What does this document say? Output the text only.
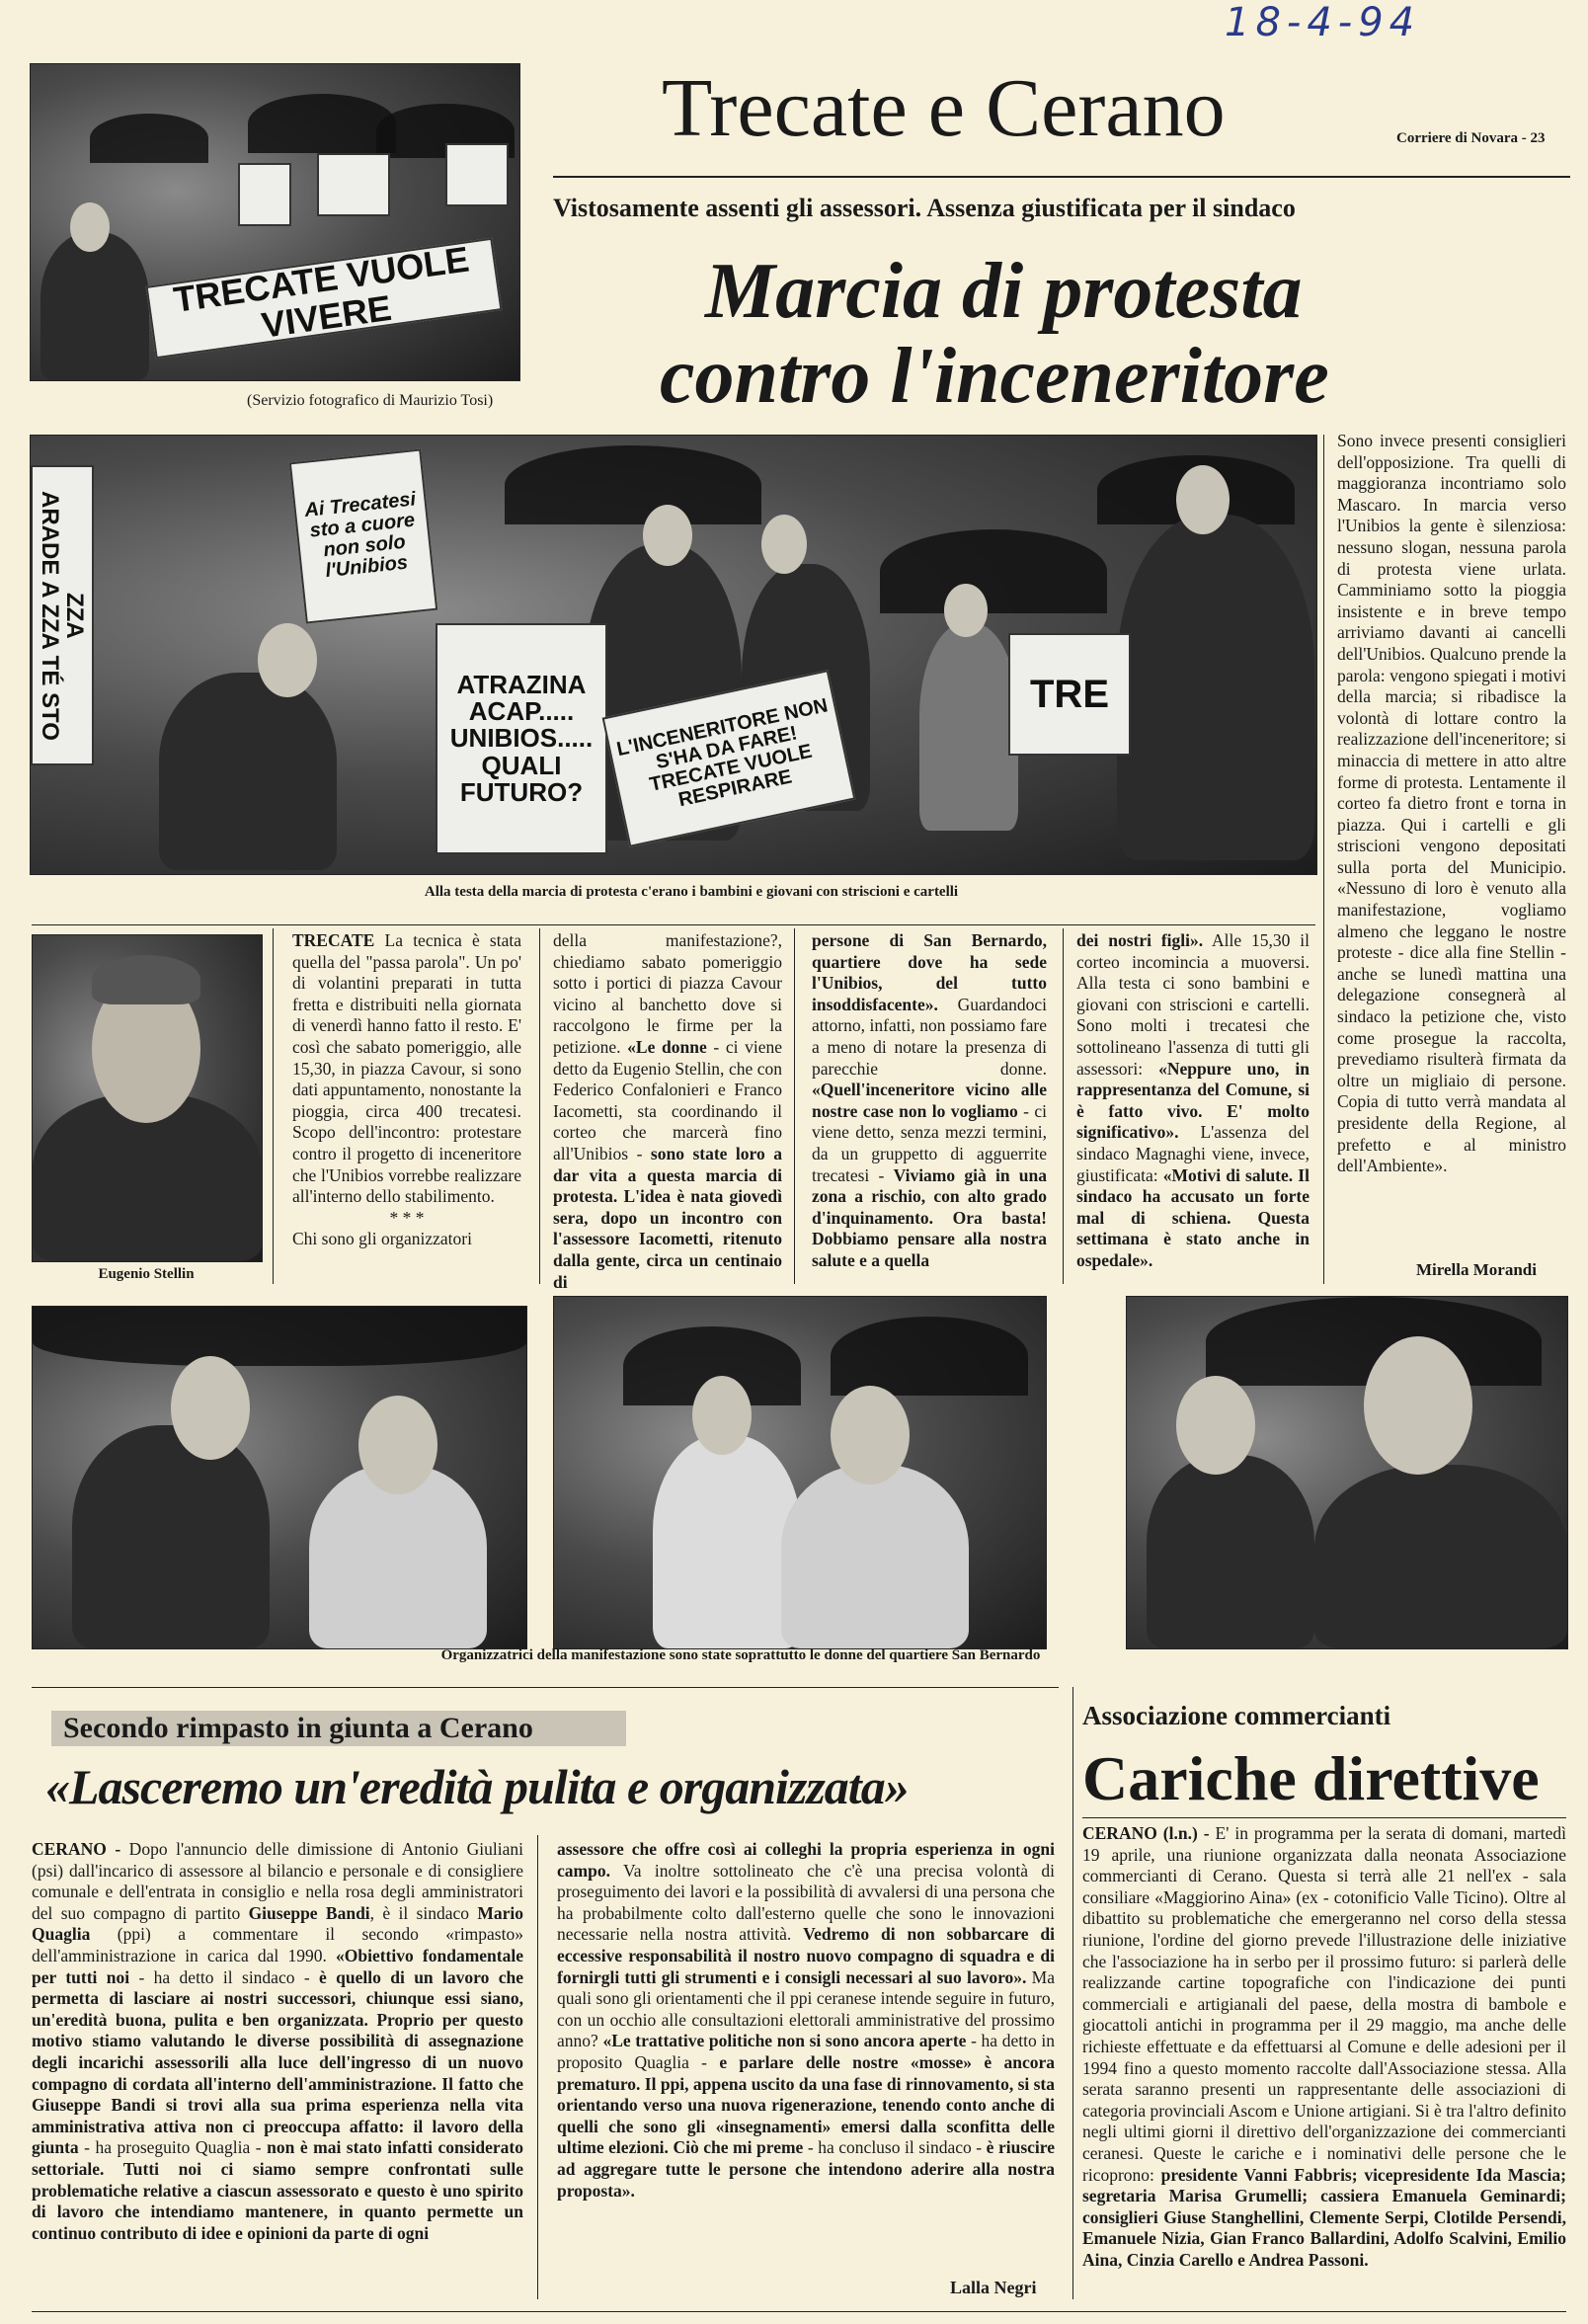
18-4-94
TRECATE VUOLE VIVERE
(Servizio fotografico di Maurizio Tosi)
Trecate e Cerano	Corriere di Novara - 23
Vistosamente assenti gli assessori. Assenza giustificata per il sindaco
Marcia di protesta
contro l'inceneritore
ARADE A ZZA TÉ STO ZZA
Ai Trecatesi sto a cuore non solo l'Unibios
ATRAZINA ACAP..... UNIBIOS..... QUALI FUTURO?
L'INCENERITORE NON S'HA DA FARE! TRECATE VUOLE RESPIRARE
TRE
Alla testa della marcia di protesta c'erano i bambini e giovani con striscioni e cartelli

Sono invece presenti consiglieri dell'opposizione. Tra quelli di maggioranza incontriamo solo Mascaro. In marcia verso l'Unibios la gente è silenziosa: nessuno slogan, nessuna parola di protesta viene urlata. Camminiamo sotto la pioggia insistente e in breve tempo arriviamo davanti ai cancelli dell'Unibios. Qualcuno prende la parola: vengono spiegati i motivi della marcia; si ribadisce la volontà di lottare contro la realizzazione dell'inceneritore; si minaccia di mettere in atto altre forme di protesta. Lentamente il corteo fa dietro front e torna in piazza. Qui i cartelli e gli striscioni vengono depositati sulla porta del Municipio. «Nessuno di loro è venuto alla manifestazione, vogliamo almeno che leggano le nostre proteste - dice alla fine Stellin - anche se lunedì mattina una delegazione consegnerà al sindaco la petizione che, visto come prosegue la raccolta, prevediamo risulterà firmata da oltre un migliaio di persone. Copia di tutto verrà mandata al presidente della Regione, al prefetto e al ministro dell'Ambiente».

Mirella Morandi
Eugenio Stellin

TRECATE La tecnica è stata quella del "passa parola". Un po' di volantini preparati in tutta fretta e distribuiti nella giornata di venerdì hanno fatto il resto. E' così che sabato pomeriggio, alle 15,30, in piazza Cavour, si sono dati appuntamento, nonostante la pioggia, circa 400 trecatesi. Scopo dell'incontro: protestare contro il progetto di inceneritore che l'Unibios vorrebbe realizzare all'interno dello stabilimento.

* * *

Chi sono gli organizzatori

della manifestazione?, chiediamo sabato pomeriggio sotto i portici di piazza Cavour vicino al banchetto dove si raccolgono le firme per la petizione. «Le donne - ci viene detto da Eugenio Stellin, che con Federico Confalonieri e Franco Iacometti, sta coordinando il corteo che marcerà fino all'Unibios - sono state loro a dar vita a questa marcia di protesta. L'idea è nata giovedì sera, dopo un incontro con l'assessore Iacometti, ritenuto dalla gente, circa un centinaio di

persone di San Bernardo, quartiere dove ha sede l'Unibios, del tutto insoddisfacente». Guardandoci attorno, infatti, non possiamo fare a meno di notare la presenza di parecchie donne. «Quell'inceneritore vicino alle nostre case non lo vogliamo - ci viene detto, senza mezzi termini, da un gruppetto di agguerrite trecatesi - Viviamo già in una zona a rischio, con alto grado d'inquinamento. Ora basta! Dobbiamo pensare alla nostra salute e a quella

dei nostri figli». Alle 15,30 il corteo incomincia a muoversi. Alla testa ci sono bambini e giovani con striscioni e cartelli. Sono molti i trecatesi che sottolineano l'assenza di tutti gli assessori: «Neppure uno, in rappresentanza del Comune, si è fatto vivo. E' molto significativo». L'assenza del sindaco Magnaghi viene, invece, giustificata: «Motivi di salute. Il sindaco ha accusato un forte mal di schiena. Questa settimana è stato anche in ospedale».

Organizzatrici della manifestazione sono state soprattutto le donne del quartiere San Bernardo
Secondo rimpasto in giunta a Cerano
«Lasceremo un'eredità pulita e organizzata»

CERANO - Dopo l'annuncio delle dimissione di Antonio Giuliani (psi) dall'incarico di assessore al bilancio e personale e di consigliere comunale e dell'entrata in consiglio e nella rosa degli amministratori del suo compagno di partito Giuseppe Bandi, è il sindaco Mario Quaglia (ppi) a commentare il secondo «rimpasto» dell'amministrazione in carica dal 1990. «Obiettivo fondamentale per tutti noi - ha detto il sindaco - è quello di un lavoro che permetta di lasciare ai nostri successori, chiunque essi siano, un'eredità buona, pulita e ben organizzata. Proprio per questo motivo stiamo valutando le diverse possibilità di assegnazione degli incarichi assessorili alla luce dell'ingresso di un nuovo compagno di cordata all'interno dell'amministrazione. Il fatto che Giuseppe Bandi si trovi alla sua prima esperienza nella vita amministrativa attiva non ci preoccupa affatto: il lavoro della giunta - ha proseguito Quaglia - non è mai stato infatti considerato settoriale. Tutti noi ci siamo sempre confrontati sulle problematiche relative a ciascun assessorato e questo è uno spirito di lavoro che intendiamo mantenere, in quanto permette un continuo contributo di idee e opinioni da parte di ogni

assessore che offre così ai colleghi la propria esperienza in ogni campo. Va inoltre sottolineato che c'è una precisa volontà di proseguimento dei lavori e la possibilità di avvalersi di una persona che ha probabilmente colto dall'esterno quelle che sono le innovazioni necessarie nella nostra attività. Vedremo di non sobbarcare di eccessive responsabilità il nostro nuovo compagno di squadra e di fornirgli tutti gli strumenti e i consigli necessari al suo lavoro». Ma quali sono gli orientamenti che il ppi ceranese intende seguire in futuro, con un occhio alle consultazioni elettorali amministrative del prossimo anno? «Le trattative politiche non si sono ancora aperte - ha detto in proposito Quaglia - e parlare delle nostre «mosse» è ancora prematuro. Il ppi, appena uscito da una fase di rinnovamento, si sta orientando verso una nuova rigenerazione, tenendo conto anche di quelli che sono gli «insegnamenti» emersi dalla sconfitta delle ultime elezioni. Ciò che mi preme - ha concluso il sindaco - è riuscire ad aggregare tutte le persone che intendono aderire alla nostra proposta».

Lalla Negri
Associazione commercianti
Cariche direttive

CERANO (l.n.) - E' in programma per la serata di domani, martedì 19 aprile, una riunione organizzata dalla neonata Associazione commercianti di Cerano. Questa si terrà alle 21 nell'ex - sala consiliare «Maggiorino Aina» (ex - cotonificio Valle Ticino). Oltre al dibattito su problematiche che emergeranno nel corso della stessa riunione, l'ordine del giorno prevede l'illustrazione delle iniziative che l'associazione ha in serbo per il prossimo futuro: si parlerà delle realizzande cartine topografiche con l'indicazione dei punti commerciali e artigianali del paese, della mostra di bambole e giocattoli antichi in programma per il 29 maggio, ma anche delle richieste effettuate e da effettuarsi al Comune e delle adesioni per il 1994 fino a questo momento raccolte dall'Associazione stessa. Alla serata saranno presenti un rappresentante delle associazioni di categoria provinciali Ascom e Unione artigiani. Si è tra l'altro definito negli ultimi giorni il direttivo dell'organizzazione dei commercianti ceranesi. Queste le cariche e i nominativi delle persone che le ricoprono: presidente Vanni Fabbris; vicepresidente Ida Mascia; segretaria Marisa Grumelli; cassiera Emanuela Geminardi; consiglieri Giuse Stanghellini, Clemente Serpi, Clotilde Persendi, Emanuele Nizia, Gian Franco Ballardini, Adolfo Scalvini, Emilio Aina, Cinzia Carello e Andrea Passoni.
